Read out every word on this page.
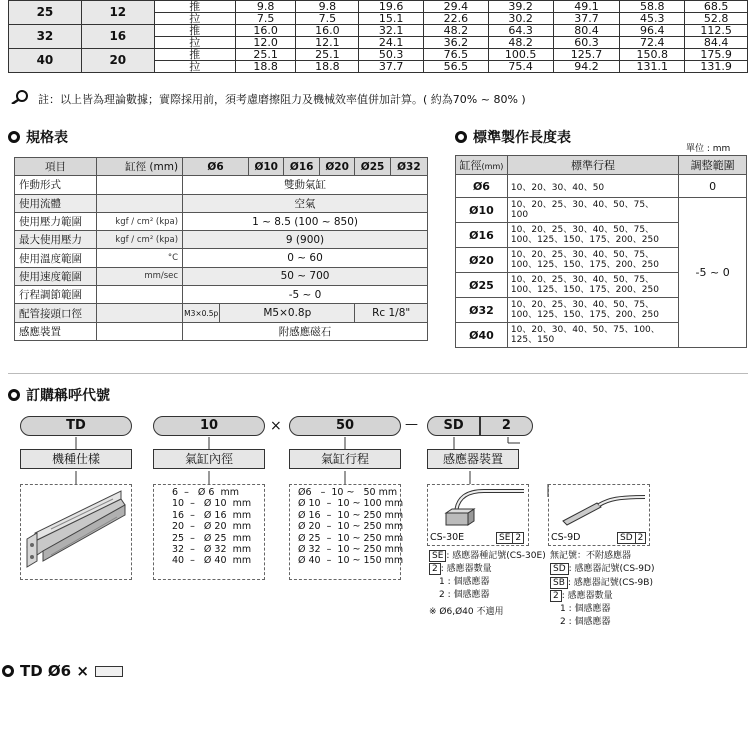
25	12	推	9.8	9.8	19.6	29.4	39.2	49.1	58.8	68.5
		拉	7.5	7.5	15.1	22.6	30.2	37.7	45.3	52.8
32	16	推	16.0	16.0	32.1	48.2	64.3	80.4	96.4	112.5
		拉	12.0	12.1	24.1	36.2	48.2	60.3	72.4	84.4
40	20	推	25.1	25.1	50.3	76.5	100.5	125.7	150.8	175.9
		拉	18.8	18.8	37.7	56.5	75.4	94.2	131.1	131.9
註：以上皆為理論數據；實際採用前，須考慮磨擦阻力及機械效率值併加計算。( 約為70% ~ 80% )
規格表
項目	缸徑 (mm)	Ø6		Ø10	Ø16	Ø20	Ø25	Ø32
作動形式		雙動氣缸						
使用流體		空氣						
使用壓力範圍	kgf / cm² (kpa)	1 ~ 8.5 (100 ~ 850)						
最大使用壓力	kgf / cm² (kpa)	9 (900)						
使用溫度範圍	°C	0 ~ 60						
使用速度範圍	mm/sec	50 ~ 700						
行程調節範圍		-5 ~ 0						
配管接頭口徑		M3×0.5p	M5×0.8p				Rc 1/8"	
感應裝置		附感應磁石						
標準製作長度表
單位 : mm
缸徑(mm)	標準行程	調整範圍
Ø6	10、20、30、40、50	0
Ø10	10、20、25、30、40、50、75、
100	-5 ~ 0
Ø16	10、20、25、30、40、50、75、
100、125、150、175、200、250	
Ø20	10、20、25、30、40、50、75、
100、125、150、175、200、250	
Ø25	10、20、25、30、40、50、75、
100、125、150、175、200、250	
Ø32	10、20、25、30、40、50、75、
100、125、150、175、200、250	
Ø40	10、20、30、40、50、75、100、
125、150	
訂購稱呼代號
TD	10	×	50	—	SD	2
機種仕樣	氣缸內徑	氣缸行程	感應器裝置
6  –   Ø 6  mm
10  –   Ø 10  mm
16  –   Ø 16  mm
20  –   Ø 20  mm
25  –   Ø 25  mm
32  –   Ø 32  mm
40  –   Ø 40  mm
Ø6   –  10 ~   50 mm
Ø 10  –  10 ~ 100 mm
Ø 16  –  10 ~ 250 mm
Ø 20  –  10 ~ 250 mm
Ø 25  –  10 ~ 250 mm
Ø 32  –  10 ~ 250 mm
Ø 40  –  10 ~ 150 mm
CS-30E	SE 2	CS-9D	SD 2
SE : 感應器種記號(CS-30E)
2 : 感應器數量
1 : 個感應器
2 : 個感應器
※ Ø6,Ø40 不適用
無記號：不附感應器
SD : 感應器記號(CS-9D)
SB : 感應器記號(CS-9B)
2 : 感應器數量
1 : 個感應器
2 : 個感應器
TD Ø6 ×
